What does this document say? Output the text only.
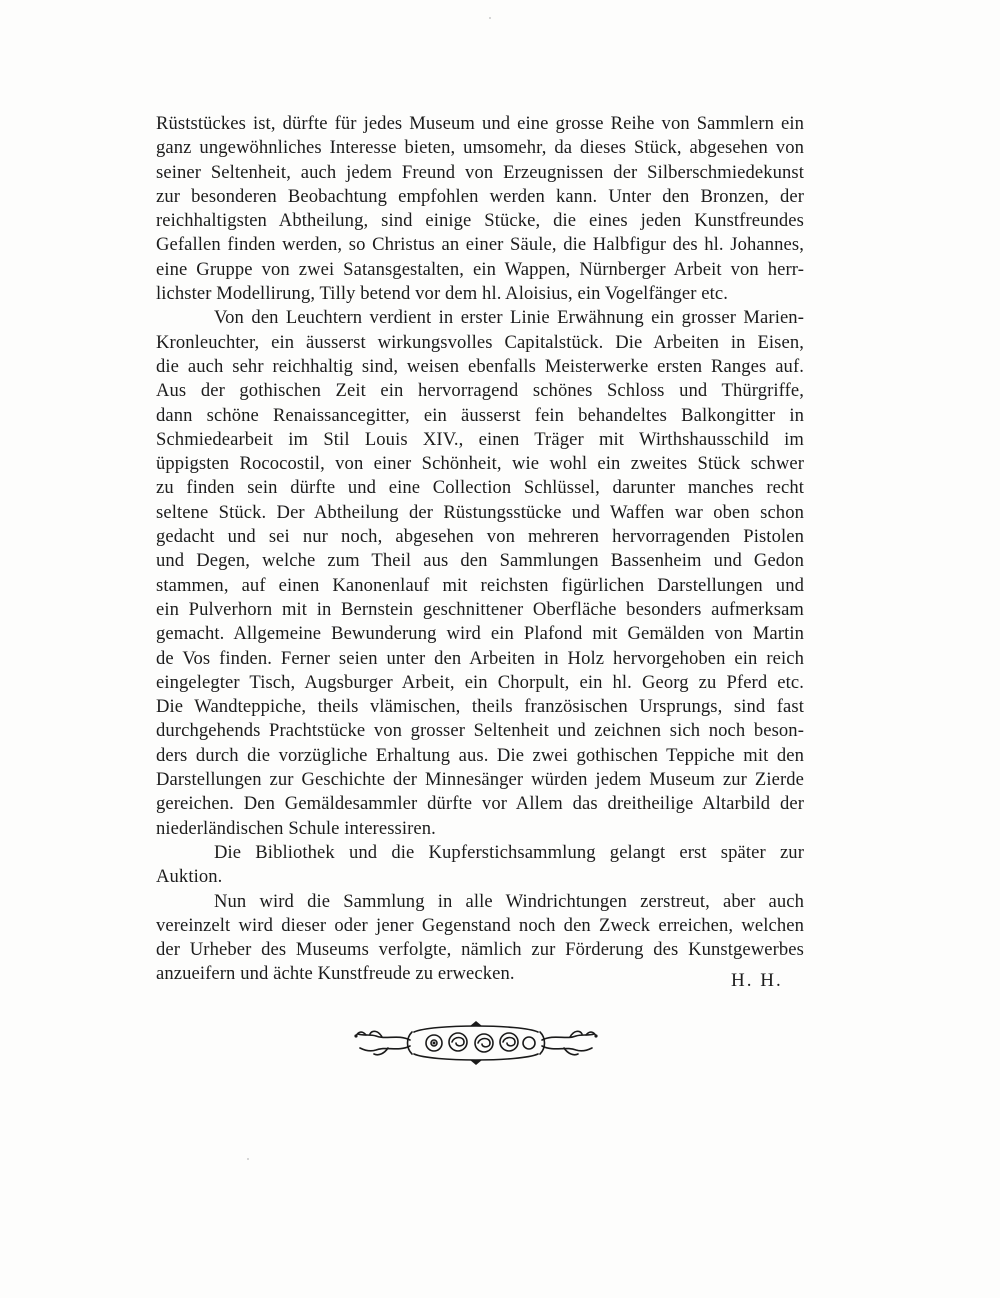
Rüststückes ist, dürfte für jedes Museum und eine grosse Reihe von Sammlern ein
ganz ungewöhnliches Interesse bieten, umsomehr, da dieses Stück, abgesehen von
seiner Seltenheit, auch jedem Freund von Erzeugnissen der Silberschmiedekunst
zur besonderen Beobachtung empfohlen werden kann. Unter den Bronzen, der
reichhaltigsten Abtheilung, sind einige Stücke, die eines jeden Kunstfreundes
Gefallen finden werden, so Christus an einer Säule, die Halbfigur des hl. Johannes,
eine Gruppe von zwei Satansgestalten, ein Wappen, Nürnberger Arbeit von herr-
lichster Modellirung, Tilly betend vor dem hl. Aloisius, ein Vogelfänger etc.
Von den Leuchtern verdient in erster Linie Erwähnung ein grosser Marien-
Kronleuchter, ein äusserst wirkungsvolles Capitalstück. Die Arbeiten in Eisen,
die auch sehr reichhaltig sind, weisen ebenfalls Meisterwerke ersten Ranges auf.
Aus der gothischen Zeit ein hervorragend schönes Schloss und Thürgriffe,
dann schöne Renaissancegitter, ein äusserst fein behandeltes Balkongitter in
Schmiedearbeit im Stil Louis XIV., einen Träger mit Wirthshausschild im
üppigsten Rococostil, von einer Schönheit, wie wohl ein zweites Stück schwer
zu finden sein dürfte und eine Collection Schlüssel, darunter manches recht
seltene Stück. Der Abtheilung der Rüstungsstücke und Waffen war oben schon
gedacht und sei nur noch, abgesehen von mehreren hervorragenden Pistolen
und Degen, welche zum Theil aus den Sammlungen Bassenheim und Gedon
stammen, auf einen Kanonenlauf mit reichsten figürlichen Darstellungen und
ein Pulverhorn mit in Bernstein geschnittener Oberfläche besonders aufmerksam
gemacht. Allgemeine Bewunderung wird ein Plafond mit Gemälden von Martin
de Vos finden. Ferner seien unter den Arbeiten in Holz hervorgehoben ein reich
eingelegter Tisch, Augsburger Arbeit, ein Chorpult, ein hl. Georg zu Pferd etc.
Die Wandteppiche, theils vlämischen, theils französischen Ursprungs, sind fast
durchgehends Prachtstücke von grosser Seltenheit und zeichnen sich noch beson-
ders durch die vorzügliche Erhaltung aus. Die zwei gothischen Teppiche mit den
Darstellungen zur Geschichte der Minnesänger würden jedem Museum zur Zierde
gereichen. Den Gemäldesammler dürfte vor Allem das dreitheilige Altarbild der
niederländischen Schule interessiren.
Die Bibliothek und die Kupferstichsammlung gelangt erst später zur
Auktion.
Nun wird die Sammlung in alle Windrichtungen zerstreut, aber auch
vereinzelt wird dieser oder jener Gegenstand noch den Zweck erreichen, welchen
der Urheber des Museums verfolgte, nämlich zur Förderung des Kunstgewerbes
anzueifern und ächte Kunstfreude zu erwecken.	H. H.
